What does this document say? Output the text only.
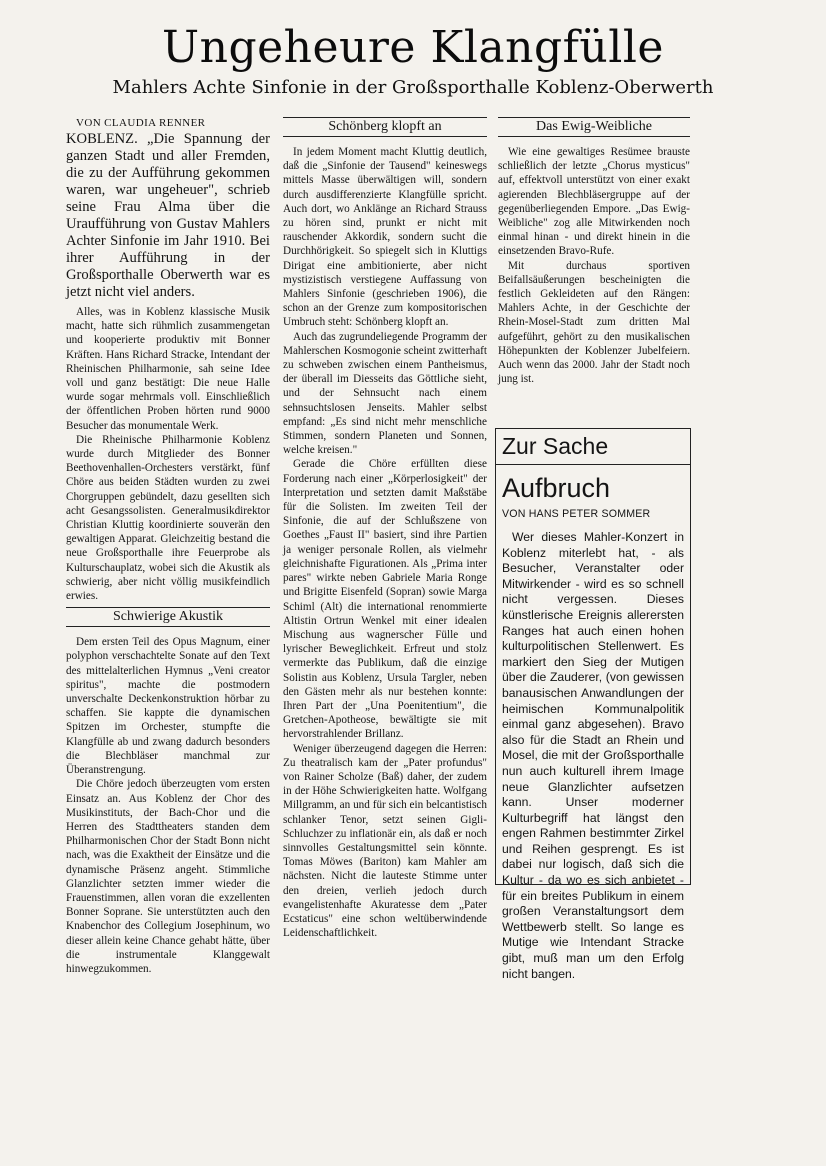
Ungeheure Klangfülle
Mahlers Achte Sinfonie in der Großsporthalle Koblenz-Oberwerth
VON CLAUDIA RENNER

KOBLENZ. „Die Spannung der ganzen Stadt und aller Fremden, die zu der Aufführung gekommen waren, war ungeheuer", schrieb seine Frau Alma über die Uraufführung von Gustav Mahlers Achter Sinfonie im Jahr 1910. Bei ihrer Aufführung in der Großsporthalle Oberwerth war es jetzt nicht viel anders.

Alles, was in Koblenz klassische Musik macht, hatte sich rühmlich zusammengetan und kooperierte produktiv mit Bonner Kräften. Hans Richard Stracke, Intendant der Rheinischen Philharmonie, sah seine Idee voll und ganz bestätigt: Die neue Halle wurde sogar mehrmals voll. Einschließlich der öffentlichen Proben hörten rund 9000 Besucher das monumentale Werk.

Die Rheinische Philharmonie Koblenz wurde durch Mitglieder des Bonner Beethovenhallen-Orchesters verstärkt, fünf Chöre aus beiden Städten wurden zu zwei Chorgruppen gebündelt, dazu gesellten sich acht Gesangssolisten. Generalmusikdirektor Christian Kluttig koordinierte souverän den gewaltigen Apparat. Gleichzeitig bestand die neue Großsporthalle ihre Feuerprobe als Kulturschauplatz, wobei sich die Akustik als schwierig, aber nicht völlig musikfeindlich erwies.

Schwierige Akustik

Dem ersten Teil des Opus Magnum, einer polyphon verschachtelte Sonate auf den Text des mittelalterlichen Hymnus „Veni creator spiritus", machte die postmodern unverschalte Deckenkonstruktion hörbar zu schaffen. Sie kappte die dynamischen Spitzen im Orchester, stumpfte die Klangfülle ab und zwang dadurch besonders die Blechbläser manchmal zur Überanstrengung.

Die Chöre jedoch überzeugten vom ersten Einsatz an. Aus Koblenz der Chor des Musikinstituts, der Bach-Chor und die Herren des Stadttheaters standen dem Philharmonischen Chor der Stadt Bonn nicht nach, was die Exaktheit der Einsätze und die dynamische Präsenz angeht. Stimmliche Glanzlichter setzten immer wieder die Frauenstimmen, allen voran die exzellenten Bonner Soprane. Sie unterstützten auch den Knabenchor des Collegium Josephinum, wo dieser allein keine Chance gehabt hätte, über die instrumentale Klanggewalt hinwegzukommen.

Schönberg klopft an

In jedem Moment macht Kluttig deutlich, daß die „Sinfonie der Tausend" keineswegs mittels Masse überwältigen will, sondern durch ausdifferenzierte Klangfülle spricht. Auch dort, wo Anklänge an Richard Strauss zu hören sind, prunkt er nicht mit rauschender Akkordik, sondern sucht die Durchhörigkeit. So spiegelt sich in Kluttigs Dirigat eine ambitionierte, aber nicht mystizistisch verstiegene Auffassung von Mahlers Sinfonie (geschrieben 1906), die schon an der Grenze zum kompositorischen Umbruch steht: Schönberg klopft an.

Auch das zugrundeliegende Programm der Mahlerschen Kosmogonie scheint zwitterhaft zu schweben zwischen einem Pantheismus, der überall im Diesseits das Göttliche sieht, und der Sehnsucht nach einem sehnsuchtslosen Jenseits. Mahler selbst empfand: „Es sind nicht mehr menschliche Stimmen, sondern Planeten und Sonnen, welche kreisen."

Gerade die Chöre erfüllten diese Forderung nach einer „Körperlosigkeit" der Interpretation und setzten damit Maßstäbe für die Solisten. Im zweiten Teil der Sinfonie, die auf der Schlußszene von Goethes „Faust II" basiert, sind ihre Partien ja weniger personale Rollen, als vielmehr gleichnishafte Figurationen. Als „Prima inter pares" wirkte neben Gabriele Maria Ronge und Brigitte Eisenfeld (Sopran) sowie Marga Schiml (Alt) die international renommierte Altistin Ortrun Wenkel mit einer idealen Mischung aus wagnerscher Fülle und lyrischer Beweglichkeit. Erfreut und stolz vermerkte das Publikum, daß die einzige Solistin aus Koblenz, Ursula Targler, neben den Gästen mehr als nur bestehen konnte: Ihren Part der „Una Poenitentium", die Gretchen-Apotheose, bewältigte sie mit hervorstrahlender Brillanz.

Weniger überzeugend dagegen die Herren: Zu theatralisch kam der „Pater profundus" von Rainer Scholze (Baß) daher, der zudem in der Höhe Schwierigkeiten hatte. Wolfgang Millgramm, an und für sich ein belcantistisch schlanker Tenor, setzt seinen Gigli-Schluchzer zu inflationär ein, als daß er noch sinnvolles Gestaltungsmittel sein könnte. Tomas Möwes (Bariton) kam Mahler am nächsten. Nicht die lauteste Stimme unter den dreien, verlieh jedoch durch evangelistenhafte Akuratesse dem „Pater Ecstaticus" eine schon weltüberwindende Leidenschaftlichkeit.

Das Ewig-Weibliche

Wie eine gewaltiges Resümee brauste schließlich der letzte „Chorus mysticus" auf, effektvoll unterstützt von einer exakt agierenden Blechbläsergruppe auf der gegenüberliegenden Empore. „Das Ewig-Weibliche" zog alle Mitwirkenden noch einmal hinan - und direkt hinein in die einsetzenden Bravo-Rufe.

Mit durchaus sportiven Beifallsäußerungen bescheinigten die festlich Gekleideten auf den Rängen: Mahlers Achte, in der Geschichte der Rhein-Mosel-Stadt zum dritten Mal aufgeführt, gehört zu den musikalischen Höhepunkten der Koblenzer Jubelfeiern. Auch wenn das 2000. Jahr der Stadt noch jung ist.

Zur Sache
Aufbruch
VON HANS PETER SOMMER

Wer dieses Mahler-Konzert in Koblenz miterlebt hat, - als Besucher, Veranstalter oder Mitwirkender - wird es so schnell nicht vergessen. Dieses künstlerische Ereignis allerersten Ranges hat auch einen hohen kulturpolitischen Stellenwert. Es markiert den Sieg der Mutigen über die Zauderer, (von gewissen banausischen Anwandlungen der heimischen Kommunalpolitik einmal ganz abgesehen). Bravo also für die Stadt an Rhein und Mosel, die mit der Großsporthalle nun auch kulturell ihrem Image neue Glanzlichter aufsetzen kann. Unser moderner Kulturbegriff hat längst den engen Rahmen bestimmter Zirkel und Reihen gesprengt. Es ist dabei nur logisch, daß sich die Kultur - da wo es sich anbietet - für ein breites Publikum in einem großen Veranstaltungsort dem Wettbewerb stellt. So lange es Mutige wie Intendant Stracke gibt, muß man um den Erfolg nicht bangen.
